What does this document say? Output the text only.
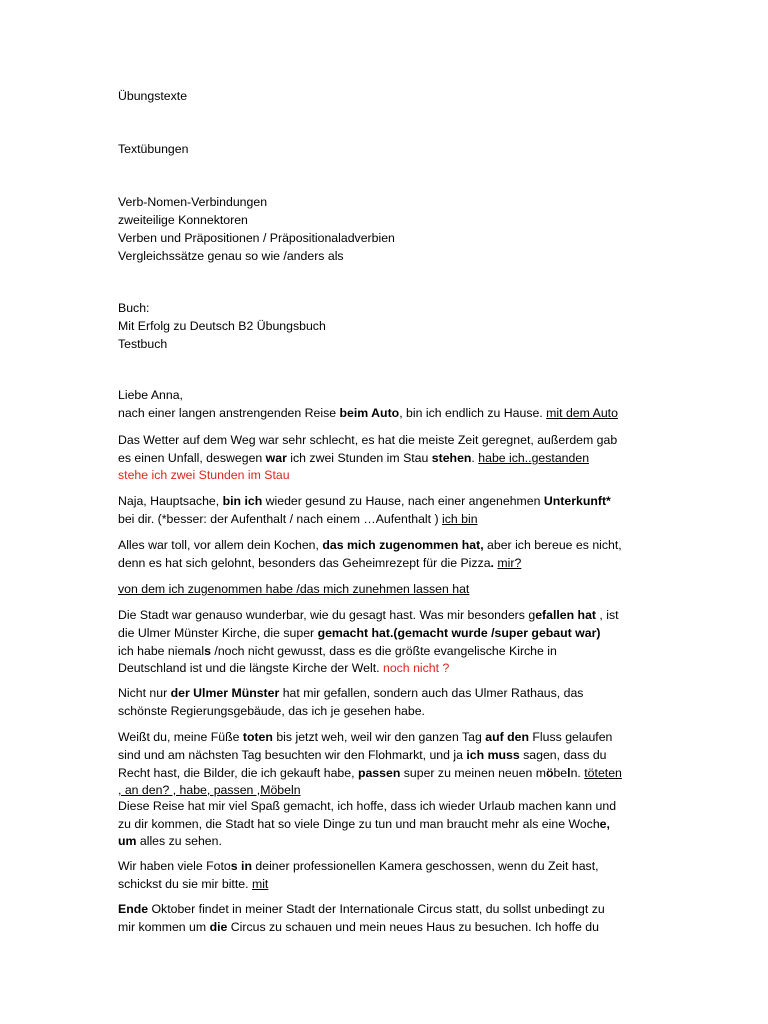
Übungstexte
Textübungen
Verb-Nomen-Verbindungen
zweiteilige Konnektoren
Verben und Präpositionen / Präpositionaladverbien
Vergleichssätze genau so wie /anders als
Buch:
Mit Erfolg zu Deutsch B2 Übungsbuch
Testbuch
Liebe Anna,
nach einer langen anstrengenden Reise beim Auto, bin ich endlich zu Hause. mit dem Auto
Das Wetter auf dem Weg war sehr schlecht, es hat die meiste Zeit geregnet, außerdem gab
es einen Unfall, deswegen war ich zwei Stunden im Stau stehen. habe ich..gestanden
stehe ich zwei Stunden im Stau
Naja, Hauptsache, bin ich wieder gesund zu Hause, nach einer angenehmen Unterkunft*
bei dir. (*besser: der Aufenthalt / nach einem …Aufenthalt ) ich bin
Alles war toll, vor allem dein Kochen, das mich zugenommen hat, aber ich bereue es nicht,
denn es hat sich gelohnt, besonders das Geheimrezept für die Pizza. mir?
von dem ich zugenommen habe /das mich zunehmen lassen hat
Die Stadt war genauso wunderbar, wie du gesagt hast. Was mir besonders gefallen hat , ist
die Ulmer Münster Kirche, die super gemacht hat.(gemacht wurde /super gebaut war)
ich habe niemals /noch nicht gewusst, dass es die größte evangelische Kirche in
Deutschland ist und die längste Kirche der Welt. noch nicht ?
Nicht nur der Ulmer Münster hat mir gefallen, sondern auch das Ulmer Rathaus, das
schönste Regierungsgebäude, das ich je gesehen habe.
Weißt du, meine Füße toten bis jetzt weh, weil wir den ganzen Tag auf den Fluss gelaufen
sind und am nächsten Tag besuchten wir den Flohmarkt, und ja ich muss sagen, dass du
Recht hast, die Bilder, die ich gekauft habe, passen super zu meinen neuen möbeln. töteten
, an den? , habe, passen ,Möbeln
Diese Reise hat mir viel Spaß gemacht, ich hoffe, dass ich wieder Urlaub machen kann und
zu dir kommen, die Stadt hat so viele Dinge zu tun und man braucht mehr als eine Woche,
um alles zu sehen.
Wir haben viele Fotos in deiner professionellen Kamera geschossen, wenn du Zeit hast,
schickst du sie mir bitte. mit
Ende Oktober findet in meiner Stadt der Internationale Circus statt, du sollst unbedingt zu
mir kommen um die Circus zu schauen und mein neues Haus zu besuchen. Ich hoffe du
